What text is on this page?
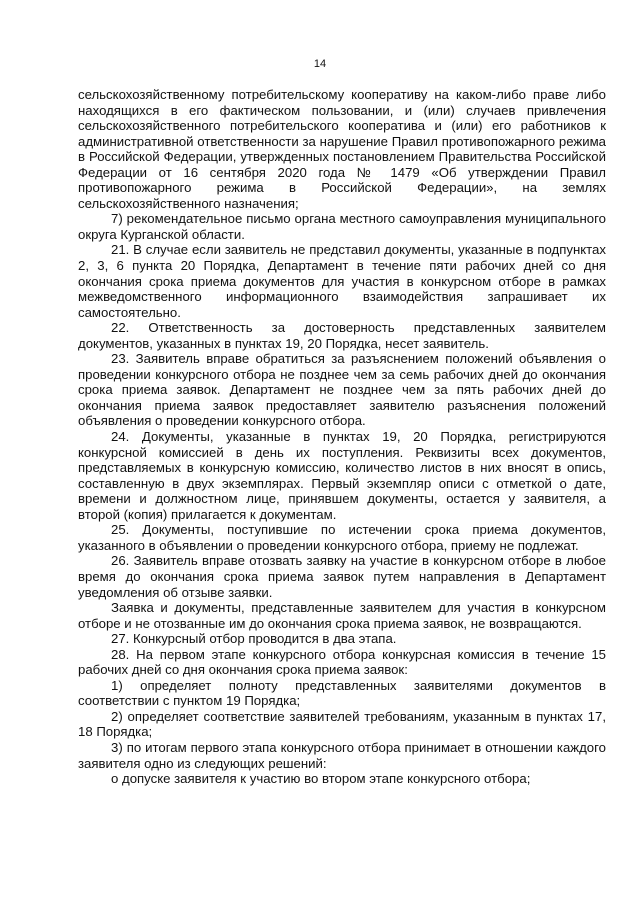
14

сельскохозяйственному потребительскому кооперативу на каком-либо праве либо находящихся в его фактическом пользовании, и (или) случаев привлечения сельскохозяйственного потребительского кооператива и (или) его работников к административной ответственности за нарушение Правил противопожарного режима в Российской Федерации, утвержденных постановлением Правительства Российской Федерации от 16 сентября 2020 года № 1479 «Об утверждении Правил противопожарного режима в Российской Федерации», на землях сельскохозяйственного назначения;

7) рекомендательное письмо органа местного самоуправления муниципального округа Курганской области.

21. В случае если заявитель не представил документы, указанные в подпунктах 2, 3, 6 пункта 20 Порядка, Департамент в течение пяти рабочих дней со дня окончания срока приема документов для участия в конкурсном отборе в рамках межведомственного информационного взаимодействия запрашивает их самостоятельно.

22. Ответственность за достоверность представленных заявителем документов, указанных в пунктах 19, 20 Порядка, несет заявитель.

23. Заявитель вправе обратиться за разъяснением положений объявления о проведении конкурсного отбора не позднее чем за семь рабочих дней до окончания срока приема заявок. Департамент не позднее чем за пять рабочих дней до окончания приема заявок предоставляет заявителю разъяснения положений объявления о проведении конкурсного отбора.

24. Документы, указанные в пунктах 19, 20 Порядка, регистрируются конкурсной комиссией в день их поступления. Реквизиты всех документов, представляемых в конкурсную комиссию, количество листов в них вносят в опись, составленную в двух экземплярах. Первый экземпляр описи с отметкой о дате, времени и должностном лице, принявшем документы, остается у заявителя, а второй (копия) прилагается к документам.

25. Документы, поступившие по истечении срока приема документов, указанного в объявлении о проведении конкурсного отбора, приему не подлежат.

26. Заявитель вправе отозвать заявку на участие в конкурсном отборе в любое время до окончания срока приема заявок путем направления в Департамент уведомления об отзыве заявки.

Заявка и документы, представленные заявителем для участия в конкурсном отборе и не отозванные им до окончания срока приема заявок, не возвращаются.

27. Конкурсный отбор проводится в два этапа.

28. На первом этапе конкурсного отбора конкурсная комиссия в течение 15 рабочих дней со дня окончания срока приема заявок:

1) определяет полноту представленных заявителями документов в соответствии с пунктом 19 Порядка;

2) определяет соответствие заявителей требованиям, указанным в пунктах 17, 18 Порядка;

3) по итогам первого этапа конкурсного отбора принимает в отношении каждого заявителя одно из следующих решений:

о допуске заявителя к участию во втором этапе конкурсного отбора;
